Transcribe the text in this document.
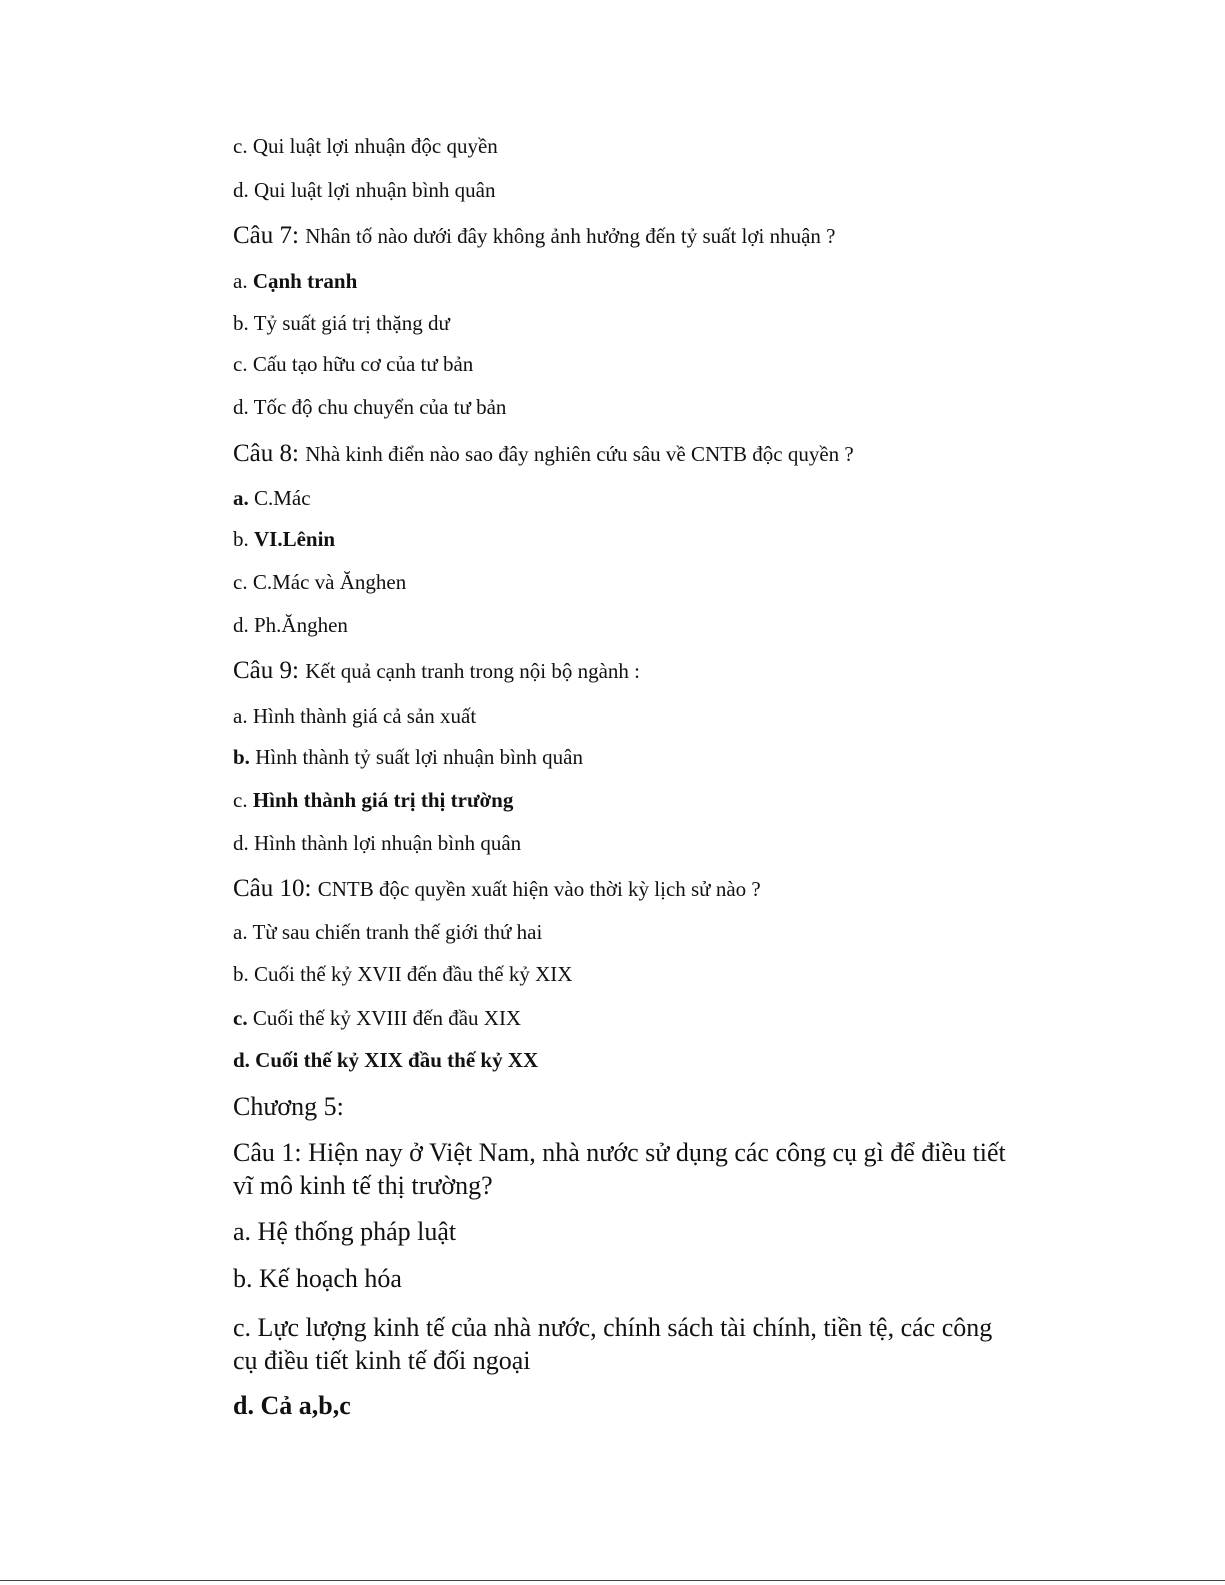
c. Qui luật lợi nhuận độc quyền
d. Qui luật lợi nhuận bình quân
Câu 7: Nhân tố nào dưới đây không ảnh hưởng đến tỷ suất lợi nhuận ?
a. Cạnh tranh
b. Tỷ suất giá trị thặng dư
c. Cấu tạo hữu cơ của tư bản
d. Tốc độ chu chuyển của tư bản
Câu 8: Nhà kinh điển nào sao đây nghiên cứu sâu về CNTB độc quyền ?
a. C.Mác
b. VI.Lênin
c. C.Mác và Ănghen
d. Ph.Ănghen
Câu 9: Kết quả cạnh tranh trong nội bộ ngành :
a. Hình thành giá cả sản xuất
b. Hình thành tỷ suất lợi nhuận bình quân
c. Hình thành giá trị thị trường
d. Hình thành lợi nhuận bình quân
Câu 10: CNTB độc quyền xuất hiện vào thời kỳ lịch sử nào ?
a. Từ sau chiến tranh thế giới thứ hai
b. Cuối thế kỷ XVII đến đầu thế kỷ XIX
c. Cuối thế kỷ XVIII đến đầu XIX
d. Cuối thế kỷ XIX đầu thế kỷ XX
Chương 5:
Câu 1: Hiện nay ở Việt Nam, nhà nước sử dụng các công cụ gì để điều tiết vĩ mô kinh tế thị trường?
a. Hệ thống pháp luật
b. Kế hoạch hóa
c. Lực lượng kinh tế của nhà nước, chính sách tài chính, tiền tệ, các công cụ điều tiết kinh tế đối ngoại
d. Cả a,b,c
